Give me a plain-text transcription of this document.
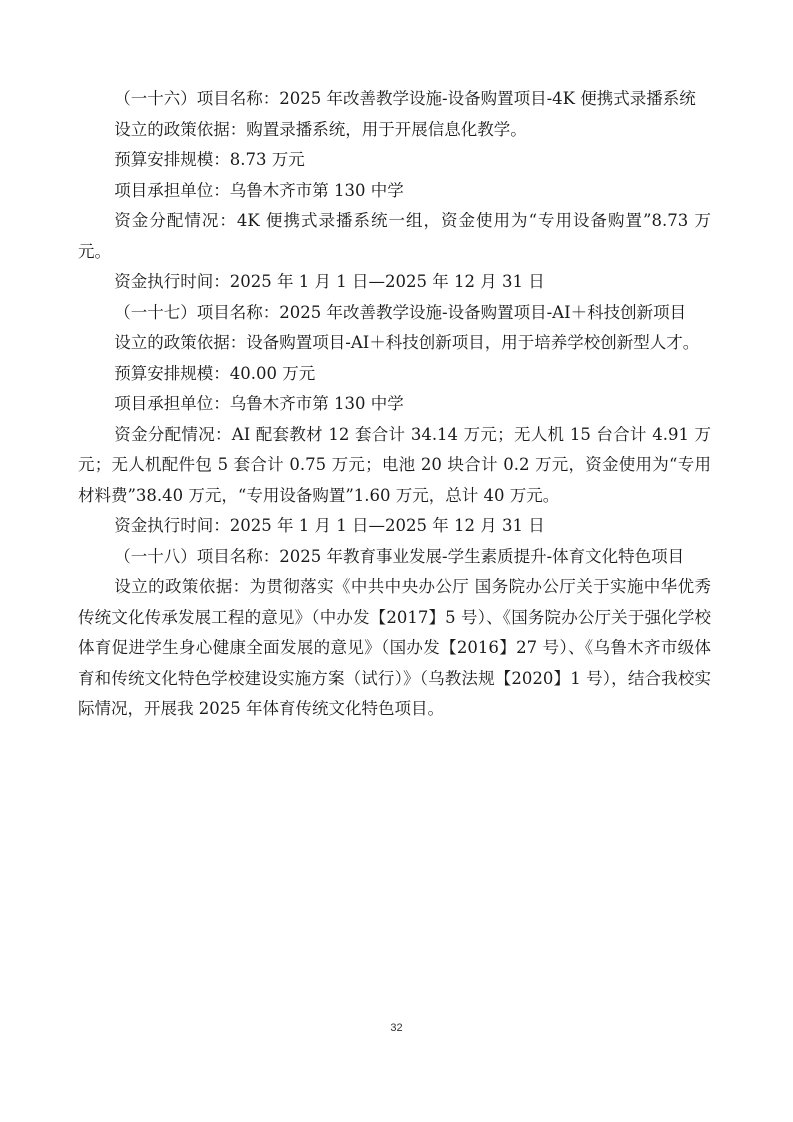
（一十六）项目名称：2025 年改善教学设施-设备购置项目-4K 便携式录播系统

设立的政策依据：购置录播系统，用于开展信息化教学。

预算安排规模：8.73 万元

项目承担单位：乌鲁木齐市第 130 中学

资金分配情况：4K 便携式录播系统一组，资金使用为“专用设备购置”8.73 万元。

资金执行时间：2025 年 1 月 1 日—2025 年 12 月 31 日

（一十七）项目名称：2025 年改善教学设施-设备购置项目-AI＋科技创新项目

设立的政策依据：设备购置项目-AI＋科技创新项目，用于培养学校创新型人才。

预算安排规模：40.00 万元

项目承担单位：乌鲁木齐市第 130 中学

资金分配情况：AI 配套教材 12 套合计 34.14 万元；无人机 15 台合计 4.91 万元；无人机配件包 5 套合计 0.75 万元；电池 20 块合计 0.2 万元，资金使用为“专用材料费”38.40 万元，“专用设备购置”1.60 万元，总计 40 万元。

资金执行时间：2025 年 1 月 1 日—2025 年 12 月 31 日

（一十八）项目名称：2025 年教育事业发展-学生素质提升-体育文化特色项目

设立的政策依据：为贯彻落实《中共中央办公厅 国务院办公厅关于实施中华优秀传统文化传承发展工程的意见》（中办发【2017】5 号）、《国务院办公厅关于强化学校体育促进学生身心健康全面发展的意见》（国办发【2016】27 号）、《乌鲁木齐市级体育和传统文化特色学校建设实施方案（试行）》（乌教法规【2020】1 号），结合我校实际情况，开展我 2025 年体育传统文化特色项目。

32
